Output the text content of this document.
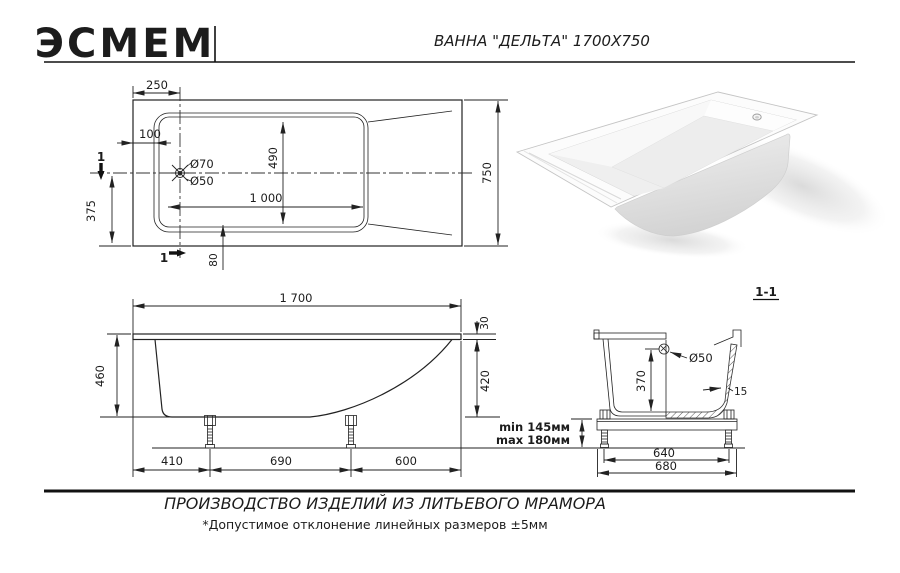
ЭСМЕМ	ВАННА "ДЕЛЬТА" 1700X750
Ø70
Ø50
250
100
490
1 000
80
375
750
1
1
1 700
30
420
460
410	690	600
1-1
Ø50
370
15
min 145мм
max 180мм
640
680
ПРОИЗВОДСТВО ИЗДЕЛИЙ ИЗ ЛИТЬЕВОГО МРАМОРА
*Допустимое отклонение линейных размеров ±5мм
